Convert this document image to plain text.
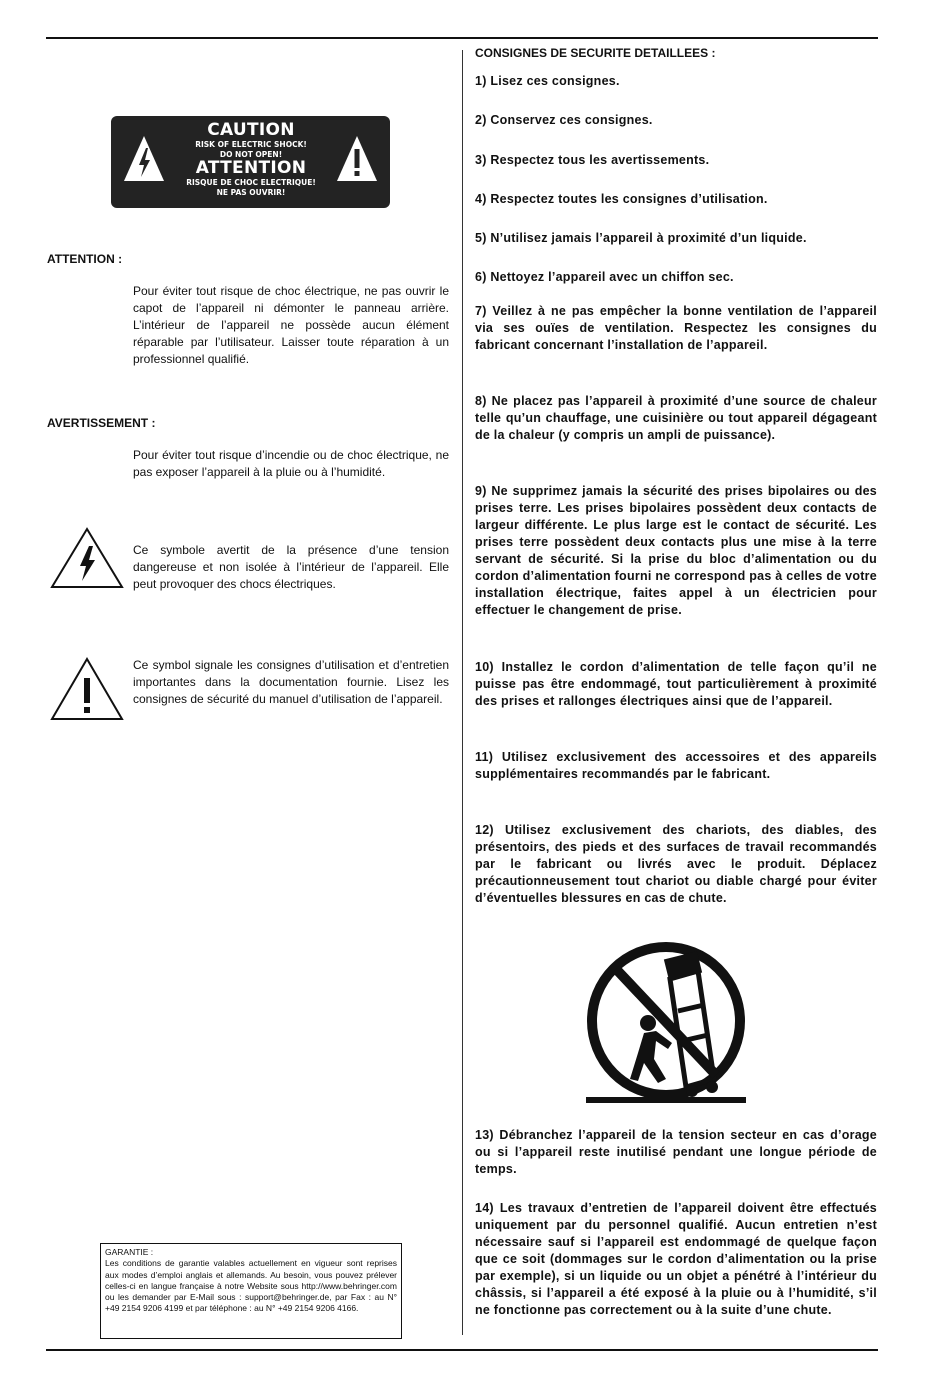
CAUTION
RISK OF ELECTRIC SHOCK!
DO NOT OPEN!
ATTENTION
RISQUE DE CHOC ELECTRIQUE!
NE PAS OUVRIR!
ATTENTION :

Pour éviter tout risque de choc électrique, ne pas ouvrir le capot de l’appareil ni démonter le panneau arrière. L’intérieur de l’appareil ne possède aucun élément réparable par l’utilisateur. Laisser toute réparation à un professionnel qualifié.

AVERTISSEMENT :

Pour éviter tout risque d’incendie ou de choc électrique, ne pas exposer l’appareil à la pluie ou à l’humidité.

Ce symbole avertit de la présence d’une tension dangereuse et non isolée à l’intérieur de l’appareil. Elle peut provoquer des chocs électriques.

Ce symbol signale les consignes d’utilisation et d’entretien importantes dans la documentation fournie. Lisez les consignes de sécurité du manuel d’utilisation de l’appareil.

GARANTIE :
Les conditions de garantie valables actuellement en vigueur sont reprises aux modes d’emploi anglais et allemands. Au besoin, vous pouvez prélever celles-ci en langue française à notre Website sous http://www.behringer.com ou les demander par E-Mail sous : support@behringer.de, par Fax : au N° +49 2154 9206 4199 et par téléphone : au N° +49 2154 9206 4166.
CONSIGNES DE SECURITE DETAILLEES :

1) Lisez ces consignes.

2) Conservez ces consignes.

3) Respectez tous les avertissements.

4) Respectez toutes les consignes d’utilisation.

5) N’utilisez jamais l’appareil à proximité d’un liquide.

6) Nettoyez l’appareil avec un chiffon sec.

7) Veillez à ne pas empêcher la bonne ventilation de l’appareil via ses ouïes de ventilation. Respectez les consignes du fabricant concernant l’installation de l’appareil.

8) Ne placez pas l’appareil à proximité d’une source de chaleur telle qu’un chauffage, une cuisinière ou tout appareil dégageant de la chaleur (y compris un ampli de puissance).

9) Ne supprimez jamais la sécurité des prises bipolaires ou des prises terre. Les prises bipolaires possèdent deux contacts de largeur différente. Le plus large est le contact de sécurité. Les prises terre possèdent deux contacts plus une mise à la terre servant de sécurité. Si la prise du bloc d’alimentation ou du cordon d’alimentation fourni ne correspond pas à celles de votre installation électrique, faites appel à un électricien pour effectuer le changement de prise.

10) Installez le cordon d’alimentation de telle façon qu’il ne puisse pas être endommagé, tout particulièrement à proximité des prises et rallonges électriques ainsi que de l’appareil.

11) Utilisez exclusivement des accessoires et des appareils supplémentaires recommandés par le fabricant.

12) Utilisez exclusivement des chariots, des diables, des présentoirs, des pieds et des surfaces de travail recommandés par le fabricant ou livrés avec le produit. Déplacez précautionneusement tout chariot ou diable chargé pour éviter d’éventuelles blessures en cas de chute.

13) Débranchez l’appareil de la tension secteur en cas d’orage ou si l’appareil reste inutilisé pendant une longue période de temps.

14) Les travaux d’entretien de l’appareil doivent être effectués uniquement par du personnel qualifié. Aucun entretien n’est nécessaire sauf si l’appareil est endommagé de quelque façon que ce soit (dommages sur le cordon d’alimentation ou la prise par exemple), si un liquide ou un objet a pénétré à l’intérieur du châssis, si l’appareil a été exposé à la pluie ou à l’humidité, s’il ne fonctionne pas correctement ou à la suite d’une chute.
